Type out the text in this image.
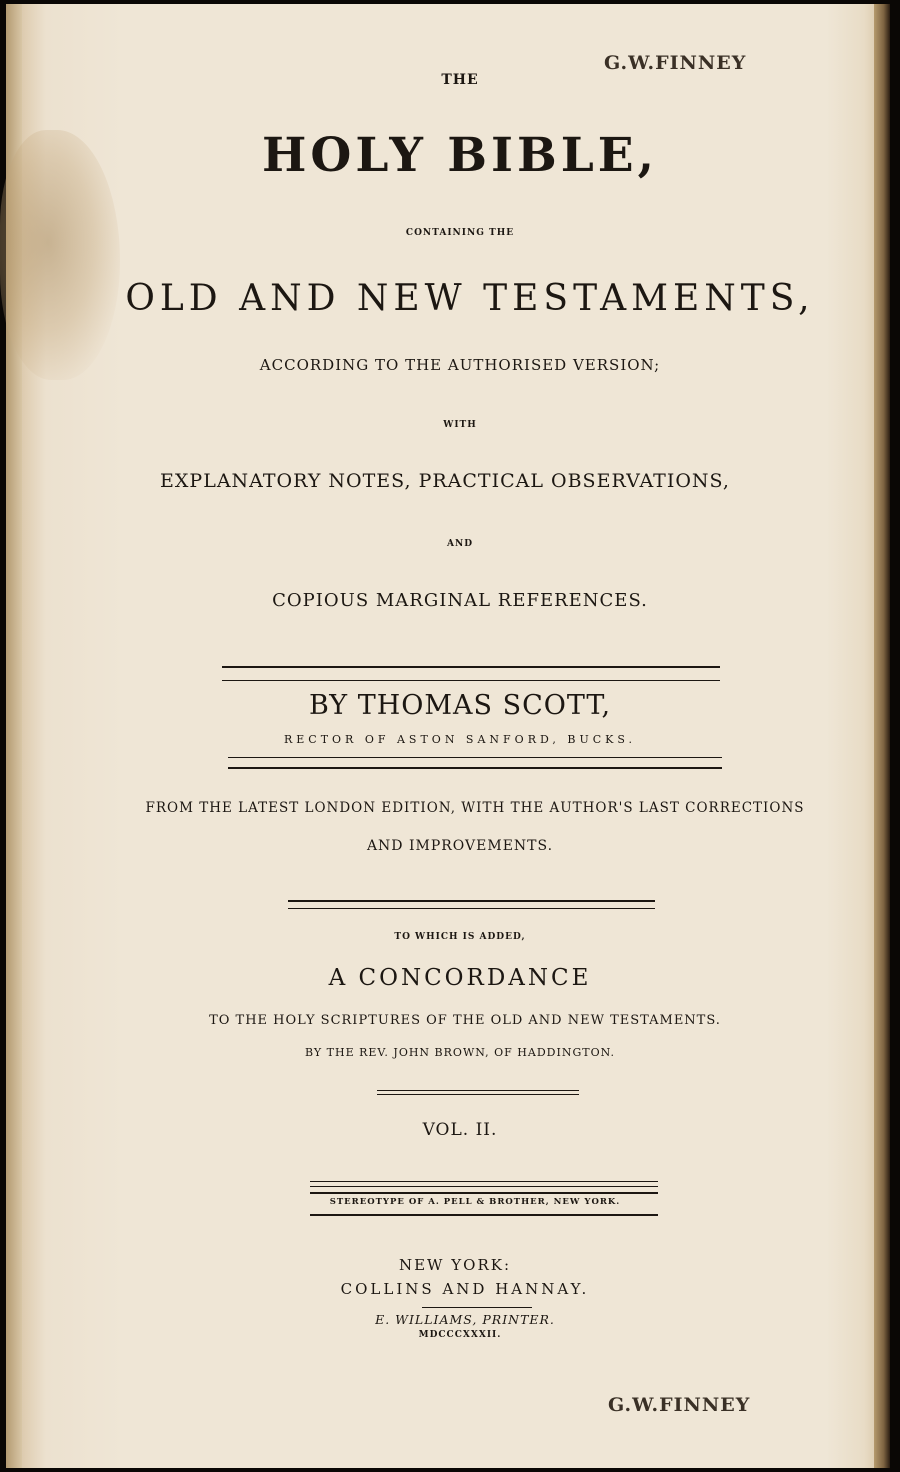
G.W.FINNEY
THE
HOLY BIBLE,
CONTAINING THE
OLD AND NEW TESTAMENTS,
ACCORDING TO THE AUTHORISED VERSION;
WITH
EXPLANATORY NOTES, PRACTICAL OBSERVATIONS,
AND
COPIOUS MARGINAL REFERENCES.
BY THOMAS SCOTT,
RECTOR OF ASTON SANFORD, BUCKS.
FROM THE LATEST LONDON EDITION, WITH THE AUTHOR'S LAST CORRECTIONS
AND IMPROVEMENTS.
TO WHICH IS ADDED,
A CONCORDANCE
TO THE HOLY SCRIPTURES OF THE OLD AND NEW TESTAMENTS.
BY THE REV. JOHN BROWN, OF HADDINGTON.
VOL. II.
STEREOTYPE OF A. PELL & BROTHER, NEW YORK.
NEW YORK:
COLLINS AND HANNAY.
E. WILLIAMS, PRINTER.
MDCCCXXXII.
G.W.FINNEY
